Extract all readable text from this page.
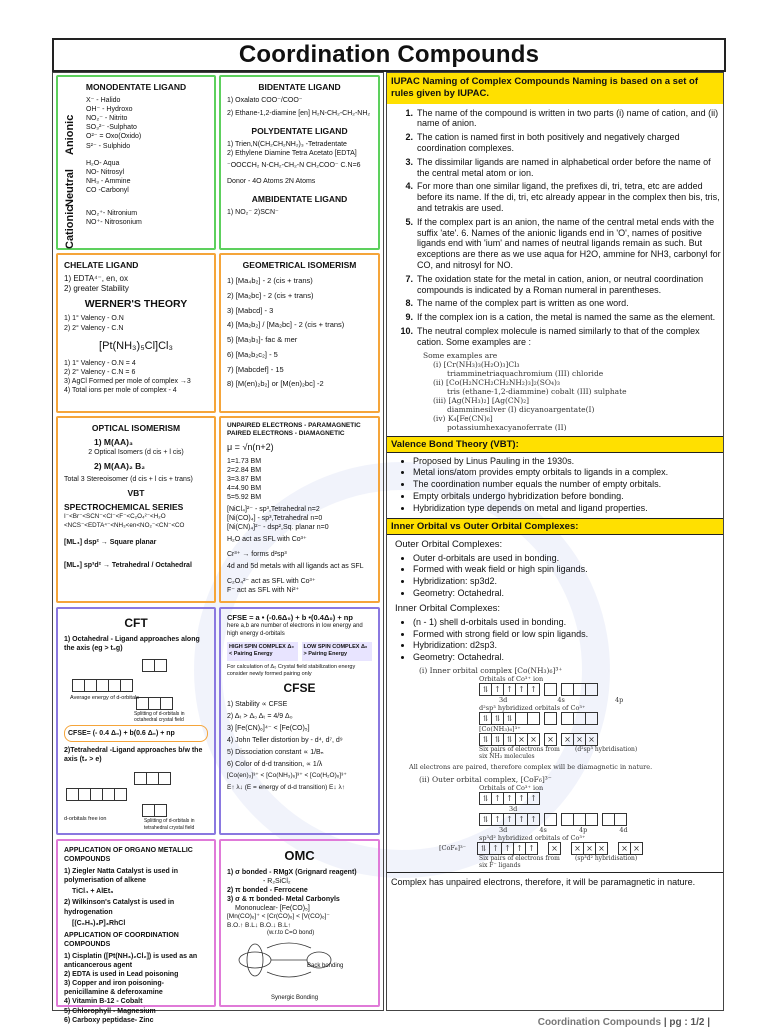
Coordination Compounds
MONODENTATE LIGAND
Anionic
Neutral
Cationic
X⁻ - Halido
OH⁻ - Hydroxo
NO₂⁻ - Nitrito
SO₃²⁻ -Sulphato
O²⁻ = Oxo(Oxido)
S²⁻ - Sulphido
H₂O- Aqua
NO- Nitrosyl
NH₃ - Ammine
CO -Carbonyl
NO₂⁺- Nitronium
NO⁺- Nitrosonium
BIDENTATE LIGAND
1) Oxalato COO⁻/COO⁻
2) Ethane-1,2-diamine [en] H₂N-CH₂-CH₂-NH₂
POLYDENTATE LIGAND
1) Trien,N(CH₂CH₂NH₂)₃ -Tetradentate
2) Ethylene Diamine Tetra Acetato [EDTA]
⁻OOCCH₂ N-CH₂-CH₂-N CH₂COO⁻ C.N=6
Donor - 4O Atoms 2N Atoms
AMBIDENTATE LIGAND
1) NO₂⁻ 2)SCN⁻
CHELATE LIGAND
1) EDTA⁴⁻, en, ox
2) greater Stability
WERNER'S THEORY
1) 1° Valency - O.N
2) 2° Valency - C.N
[Pt(NH₃)₅Cl]Cl₃
1) 1° Valency - O.N = 4
2) 2° Valency - C.N = 6
3) AgCl Formed per mole of complex →3
4) Total ions per mole of complex - 4
GEOMETRICAL ISOMERISM
1) [Ma₄b₂] - 2 (cis + trans)
2) [Ma₂bc] - 2 (cis + trans)
3) [Mabcd] - 3
4) [Ma₂b₂] / [Ma₂bc] - 2 (cis + trans)
5) [Ma₃b₃]- fac & mer
6) [Ma₂b₂c₂] - 5
7) [Mabcdef] - 15
8) [M(en)₂b₂] or [M(en)₂bc] -2
OPTICAL ISOMERISM
1) M(AA)₃
2 Optical Isomers (d cis + l cis)
2) M(AA)₂ B₂
Total 3 Stereoisomer (d cis + l cis + trans)
VBT
SPECTROCHEMICAL SERIES
I⁻<Br⁻<SCN⁻<Cl⁻<F⁻<C₂O₄²⁻<H₂O <NCS⁻<EDTA⁴⁻<NH₃<en<NO₂⁻<CN⁻<CO
[ML₄] dsp² → Square planar
[ML₆] sp³d² → Tetrahedral / Octahedral
UNPAIRED ELECTRONS - PARAMAGNETIC PAIRED ELECTRONS - DIAMAGNETIC
μ = √n(n+2)
1=1.73 BM
2=2.84 BM
3=3.87 BM
4=4.90 BM
5=5.92 BM
[NiCl₄]²⁻ - sp³,Tetrahedral n=2
[Ni(CO)₄] - sp³,Tetrahedral n=0
[Ni(CN)₄]²⁻ - dsp²,Sq. planar n=0
H₂O act as SFL with Co³⁺
Cr³⁺ → forms d²sp³
4d and 5d metals with all ligands act as SFL
C₂O₄²⁻ act as SFL with Co³⁺
F⁻ act as SFL with Ni²⁺
CFT
1) Octahedral - Ligand approaches along the axis (eg > t₂g)
Average energy of d-orbitals
Splitting of d-orbitals in octahedral crystal field
CFSE= (- 0.4 Δ₀) + b(0.6 Δ₀) + np
2)Tetrahedral -Ligand approaches b/w the axis (t₂ > e)
d-orbitals free ion	Splitting of d-orbitals in tetrahedral crystal field
CFSE = a • (-0.6Δ₀) + b •(0.4Δ₀) + np
here a,b are number of electrons in low energy and high energy d-orbitals
HIGH SPIN COMPLEX Δ₀ < Pairing Energy
LOW SPIN COMPLEX Δ₀ > Pairing Energy
For calculation of Δ₀ Crystal field stabilization energy consider newly formed pairing only
CFSE
1) Stability ∝ CFSE
2) Δₜ > Δ₀ Δₜ = 4/9 Δ₀
3) [Fe(CN)₆]⁴⁻ < [Fe(CO)₅]
4) John Teller distortion by - d⁴, d⁷, d⁹
5) Dissociation constant ∝ 1/Bₙ
6) Color of d-d transition, ∝ 1/λ
[Co(en)₃]³⁺ < [Co(NH₃)₆]³⁺ < [Co(H₂O)₆]³⁺
E↑ λ↓ (E = energy of d-d transition) E↓ λ↑
APPLICATION OF ORGANO METALLIC COMPOUNDS
1) Ziegler Natta Catalyst is used in polymerisation of alkene
TiCl₄ + AlEt₃
2) Wilkinson's Catalyst is used in hydrogenation
[(C₆H₅)₃P]₃RhCl
APPLICATION OF COORDINATION COMPOUNDS
1) Cisplatin ([Pt(NH₃)₂Cl₂]) is used as an anticancerous agent
2) EDTA is used in Lead poisoning
3) Copper and iron poisoning- penicillamine & deferoxamine
4) Vitamin B-12 - Cobalt
5) Chlorophyll - Magnesium
6) Carboxy peptidase- Zinc
OMC
1) σ bonded - RMgX (Grignard reagent)
- R₂SiCl₂
2) π bonded - Ferrocene
3) σ & π bonded- Metal Carbonyls
Mononuclear- [Fe(CO)₅]
[Mn(CO)₆]⁺ < [Cr(CO)₆] < [V(CO)₆]⁻
B.O.↑ B.L↓ B.O.↓ B.L↑
(w.r.to C=O bond)
Back bonding
Synergic Bonding
IUPAC Naming of Complex Compounds Naming is based on a set of rules given by IUPAC.
1. The name of the compound is written in two parts (i) name of cation, and (ii) name of anion.
2. The cation is named first in both positively and negatively charged coordination complexes.
3. The dissimilar ligands are named in alphabetical order before the name of the central metal atom or ion.
4. For more than one similar ligand, the prefixes di, tri, tetra, etc are added before its name. If the di, tri, etc already appear in the complex then bis, tris, and tetrakis are used.
5. If the complex part is an anion, the name of the central metal ends with the suffix 'ate'. 6. Names of the anionic ligands end in 'O', names of positive ligands end with 'ium' and names of neutral ligands remain as such. But exceptions are there as we use aqua for H2O, ammine for NH3, carbonyl for CO, and nitrosyl for NO.
7. The oxidation state for the metal in cation, anion, or neutral coordination compounds is indicated by a Roman numeral in parentheses.
8. The name of the complex part is written as one word.
9. If the complex ion is a cation, the metal is named the same as the element.
10. The neutral complex molecule is named similarly to that of the complex cation. Some examples are :
Some examples are
(i) [Cr(NH₃)₃(H₂O)₃]Cl₃
triamminetriaquachromium (III) chloride
(ii) [Co(H₂NCH₂CH₂NH₂)₃]₂(SO₄)₃
tris (ethane-1,2-diammine) cobalt (III) sulphate
(iii) [Ag(NH₃)₂] [Ag(CN)₂]
diamminesilver (I) dicyanoargentate(I)
(iv) K₄[Fe(CN)₆]
potassiumhexacyanoferrate (II)
Valence Bond Theory (VBT):
• Proposed by Linus Pauling in the 1930s.
• Metal ions/atom provides empty orbitals to ligands in a complex.
• The coordination number equals the number of empty orbitals.
• Empty orbitals undergo hybridization before bonding.
• Hybridization type depends on metal and ligand properties.
Inner Orbital vs Outer Orbital Complexes:
Outer Orbital Complexes:
• Outer d-orbitals are used in bonding.
• Formed with weak field or high spin ligands.
• Hybridization: sp3d2.
• Geometry: Octahedral.
Inner Orbital Complexes:
• (n - 1) shell d-orbitals used in bonding.
• Formed with strong field or low spin ligands.
• Hybridization: d2sp3.
• Geometry: Octahedral.
(i) Inner orbital complex [Co(NH₃)₆]³⁺
Orbitals of Co³⁺ ion
⥮ ↑ ↑ ↑ ↑
3d	4s	4p
d²sp³ hybridized orbitals of Co³⁺
⥮ ⥮ ⥮
[Co(NH₃)₆]³⁺
⥮ ⥮ ⥮ × × × × × ×
Six pairs of electrons from six NH₃ molecules
(d²sp³ hybridisation)
All electrons are paired, therefore complex will be diamagnetic in nature.
(ii) Outer orbital complex, [CoF₆]³⁻
Orbitals of Co³⁺ ion
⥮ ↑ ↑ ↑ ↑
3d
⥮ ↑ ↑ ↑ ↑
3d	4s	4p	4d
sp³d² hybridized orbitals of Co³⁺
[CoF₆]³⁻	⥮ ↑ ↑ ↑ ↑ × × × × × ×
Six pairs of electrons from six F⁻ ligands
(sp³d² hybridisation)
Complex has unpaired electrons, therefore, it will be paramagnetic in nature.
Coordination Compounds | pg : 1/2 |
